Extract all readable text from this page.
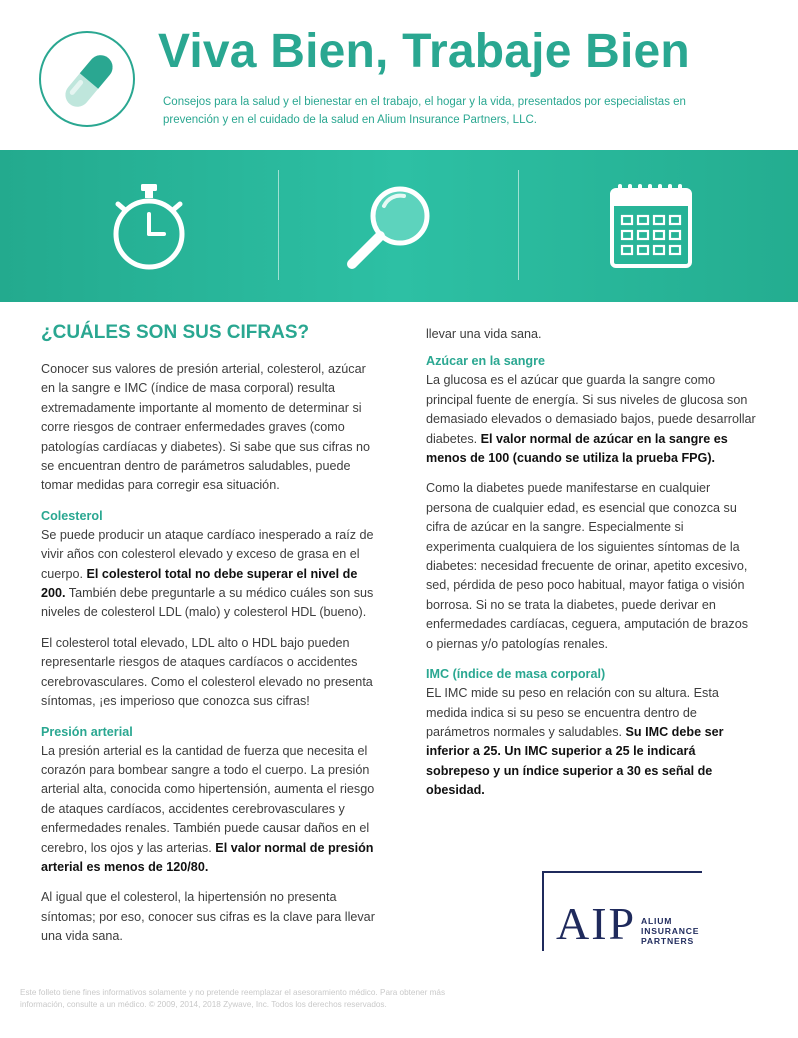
Viva Bien, Trabaje Bien
Consejos para la salud y el bienestar en el trabajo, el hogar y la vida, presentados por especialistas en prevención y en el cuidado de la salud en Alium Insurance Partners, LLC.
¿CUÁLES SON SUS CIFRAS?

Conocer sus valores de presión arterial, colesterol, azúcar en la sangre e IMC (índice de masa corporal) resulta extremadamente importante al momento de determinar si corre riesgos de contraer enfermedades graves (como patologías cardíacas y diabetes). Si sabe que sus cifras no se encuentran dentro de parámetros saludables, puede tomar medidas para corregir esa situación.

Colesterol

Se puede producir un ataque cardíaco inesperado a raíz de vivir años con colesterol elevado y exceso de grasa en el cuerpo. El colesterol total no debe superar el nivel de 200. También debe preguntarle a su médico cuáles son sus niveles de colesterol LDL (malo) y colesterol HDL (bueno).

El colesterol total elevado, LDL alto o HDL bajo pueden representarle riesgos de ataques cardíacos o accidentes cerebrovasculares. Como el colesterol elevado no presenta síntomas, ¡es imperioso que conozca sus cifras!

Presión arterial

La presión arterial es la cantidad de fuerza que necesita el corazón para bombear sangre a todo el cuerpo. La presión arterial alta, conocida como hipertensión, aumenta el riesgo de ataques cardíacos, accidentes cerebrovasculares y enfermedades renales. También puede causar daños en el cerebro, los ojos y las arterias. El valor normal de presión arterial es menos de 120/80.

Al igual que el colesterol, la hipertensión no presenta síntomas; por eso, conocer sus cifras es la clave para llevar una vida sana.

llevar una vida sana.

Azúcar en la sangre

La glucosa es el azúcar que guarda la sangre como principal fuente de energía. Si sus niveles de glucosa son demasiado elevados o demasiado bajos, puede desarrollar diabetes. El valor normal de azúcar en la sangre es menos de 100 (cuando se utiliza la prueba FPG).

Como la diabetes puede manifestarse en cualquier persona de cualquier edad, es esencial que conozca su cifra de azúcar en la sangre. Especialmente si experimenta cualquiera de los siguientes síntomas de la diabetes: necesidad frecuente de orinar, apetito excesivo, sed, pérdida de peso poco habitual, mayor fatiga o visión borrosa. Si no se trata la diabetes, puede derivar en enfermedades cardíacas, ceguera, amputación de brazos o piernas y/o patologías renales.

IMC (índice de masa corporal)

EL IMC mide su peso en relación con su altura. Esta medida indica si su peso se encuentra dentro de parámetros normales y saludables. Su IMC debe ser inferior a 25. Un IMC superior a 25 le indicará sobrepeso y un índice superior a 30 es señal de obesidad.

AIP ALIUM
INSURANCE
PARTNERS
Este folleto tiene fines informativos solamente y no pretende reemplazar el asesoramiento médico. Para obtener más información, consulte a un médico. © 2009, 2014, 2018 Zywave, Inc. Todos los derechos reservados.
